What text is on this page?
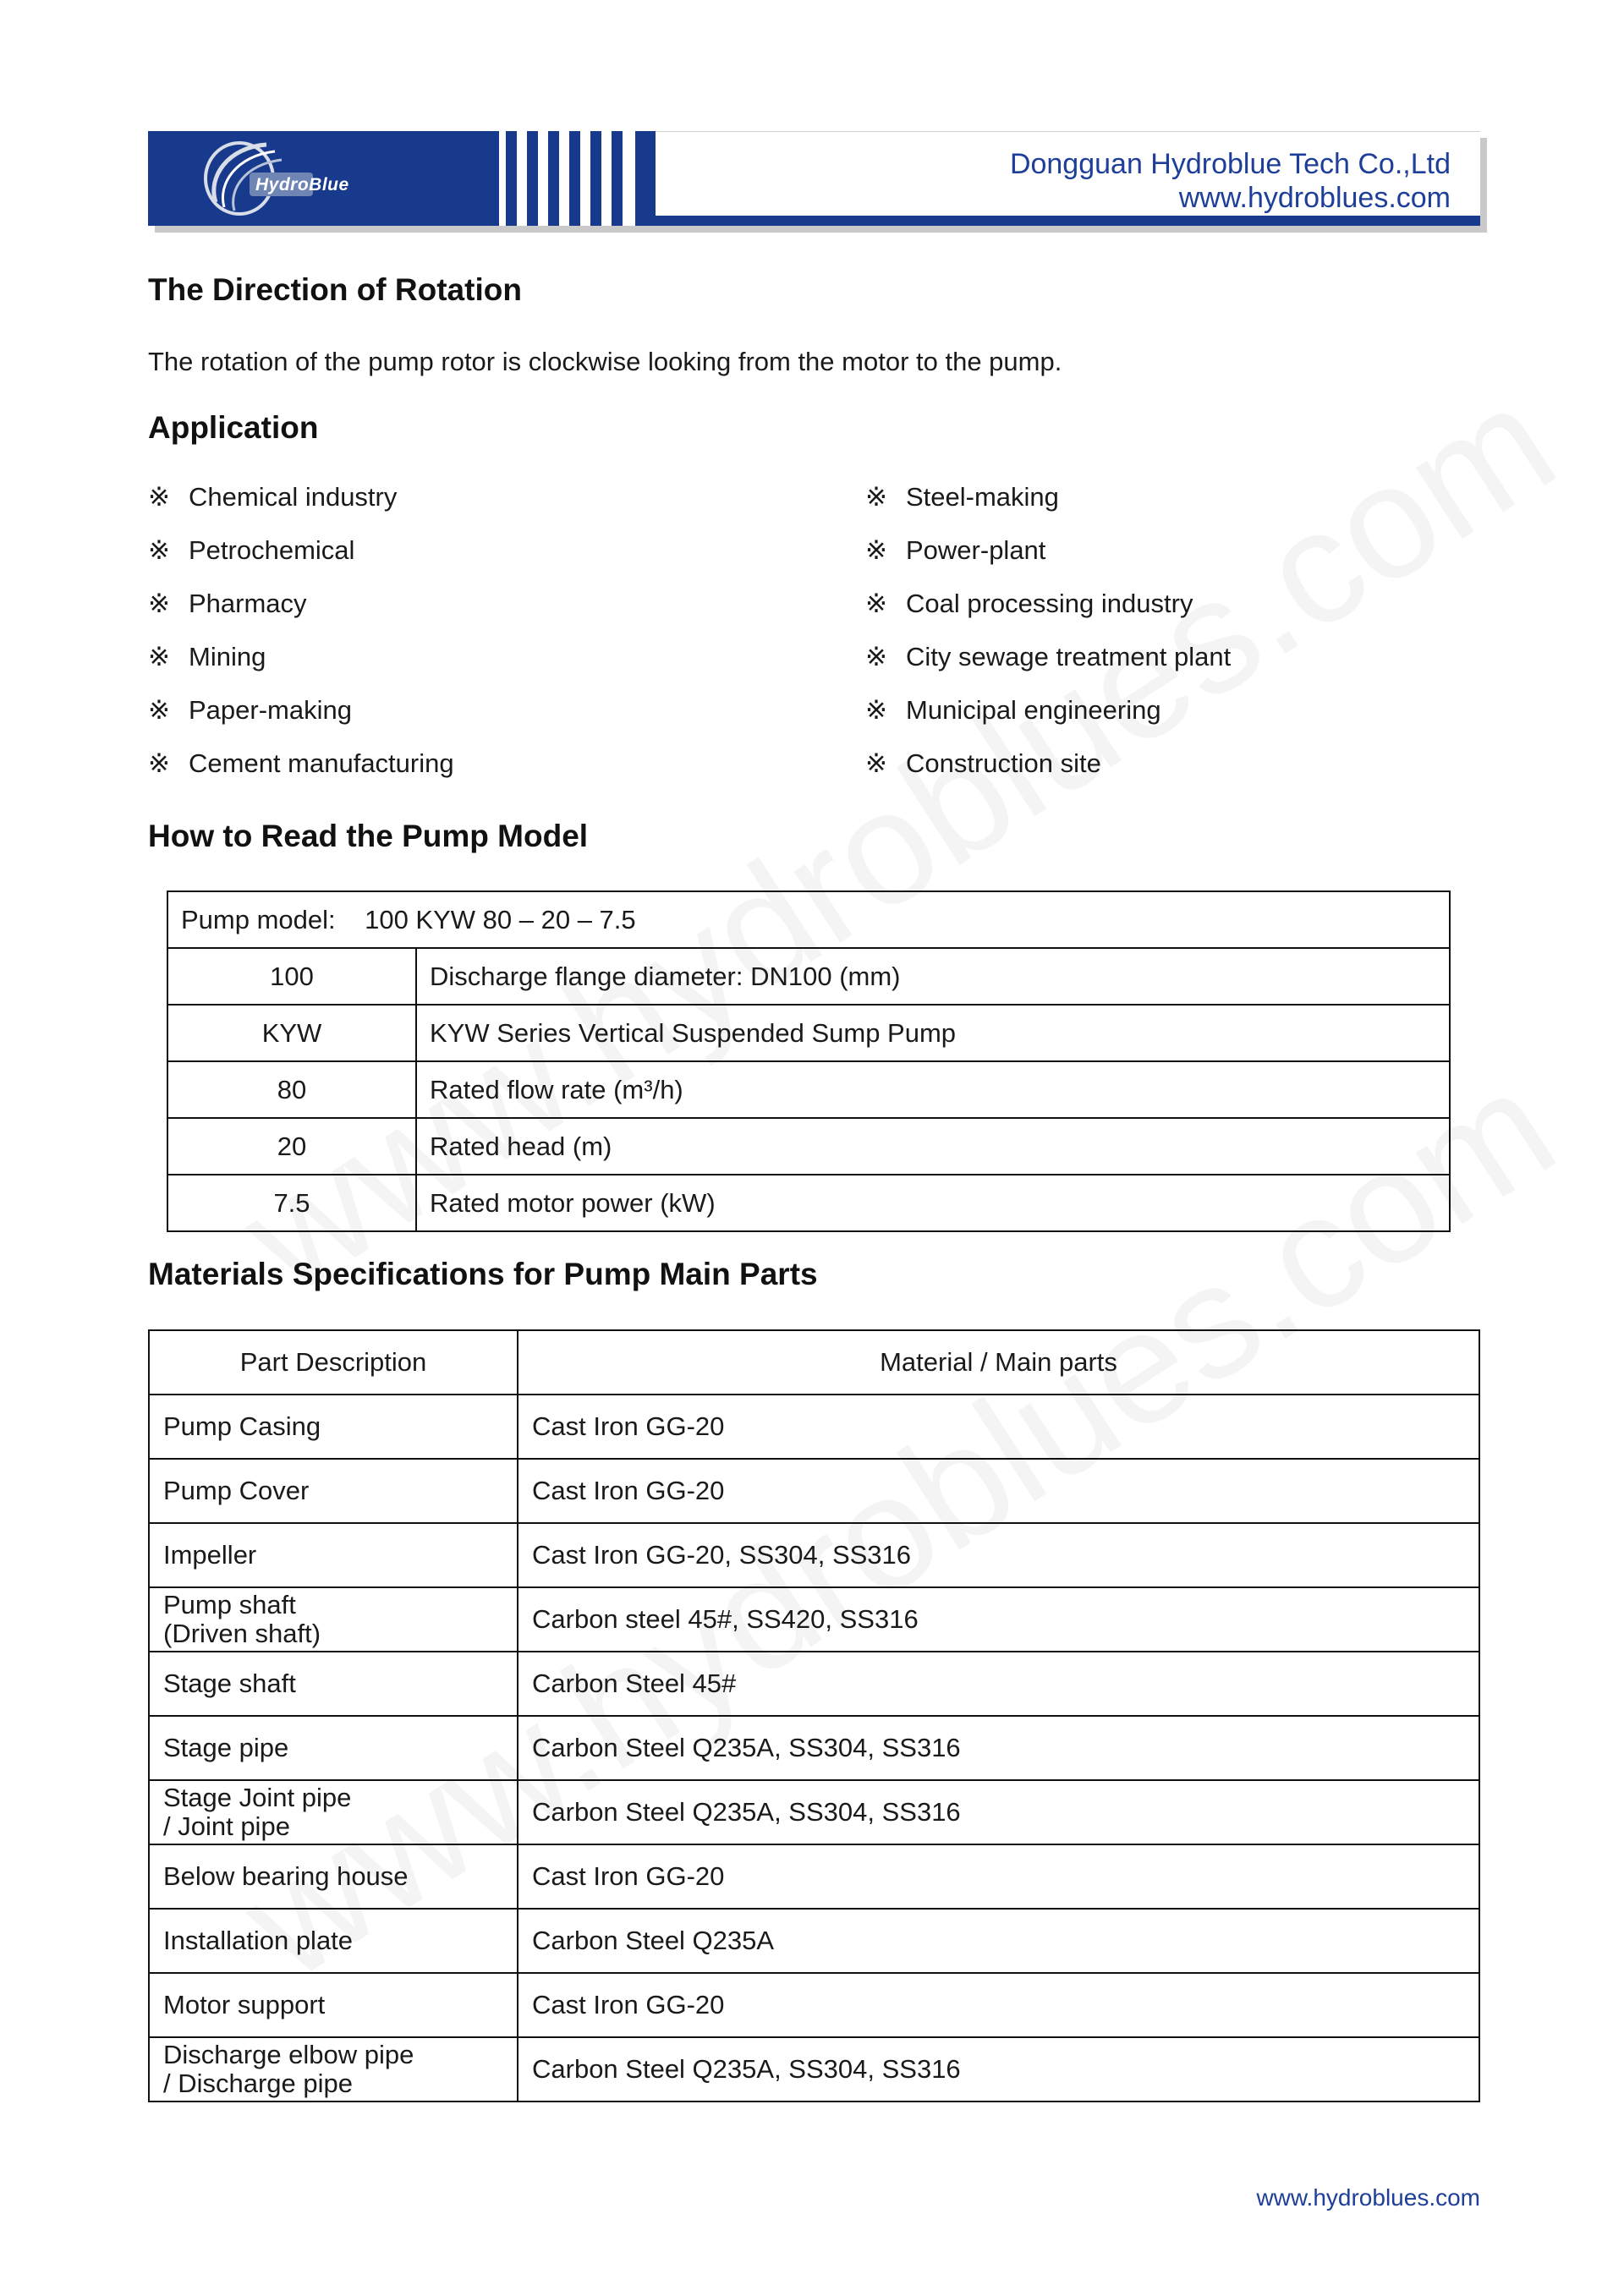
HydroBlue
Dongguan Hydroblue Tech Co.,Ltd
www.hydroblues.com
The Direction of Rotation
The rotation of the pump rotor is clockwise looking from the motor to the pump.
Application
※ Chemical industry
※ Petrochemical
※ Pharmacy
※ Mining
※ Paper-making
※ Cement manufacturing
※ Steel-making
※ Power-plant
※ Coal processing industry
※ City sewage treatment plant
※ Municipal engineering
※ Construction site
How to Read the Pump Model
Pump model: 100 KYW 80 – 20 – 7.5	
100	Discharge flange diameter: DN100 (mm)
KYW	KYW Series Vertical Suspended Sump Pump
80	Rated flow rate (m³/h)
20	Rated head (m)
7.5	Rated motor power (kW)
Materials Specifications for Pump Main Parts
Part Description	Material / Main parts
Pump Casing	Cast Iron GG-20
Pump Cover	Cast Iron GG-20
Impeller	Cast Iron GG-20, SS304, SS316
Pump shaft
(Driven shaft)	Carbon steel 45#, SS420, SS316
Stage shaft	Carbon Steel 45#
Stage pipe	Carbon Steel Q235A, SS304, SS316
Stage Joint pipe
/ Joint pipe	Carbon Steel Q235A, SS304, SS316
Below bearing house	Cast Iron GG-20
Installation plate	Carbon Steel Q235A
Motor support	Cast Iron GG-20
Discharge elbow pipe
/ Discharge pipe	Carbon Steel Q235A, SS304, SS316
www.hydroblues.com
